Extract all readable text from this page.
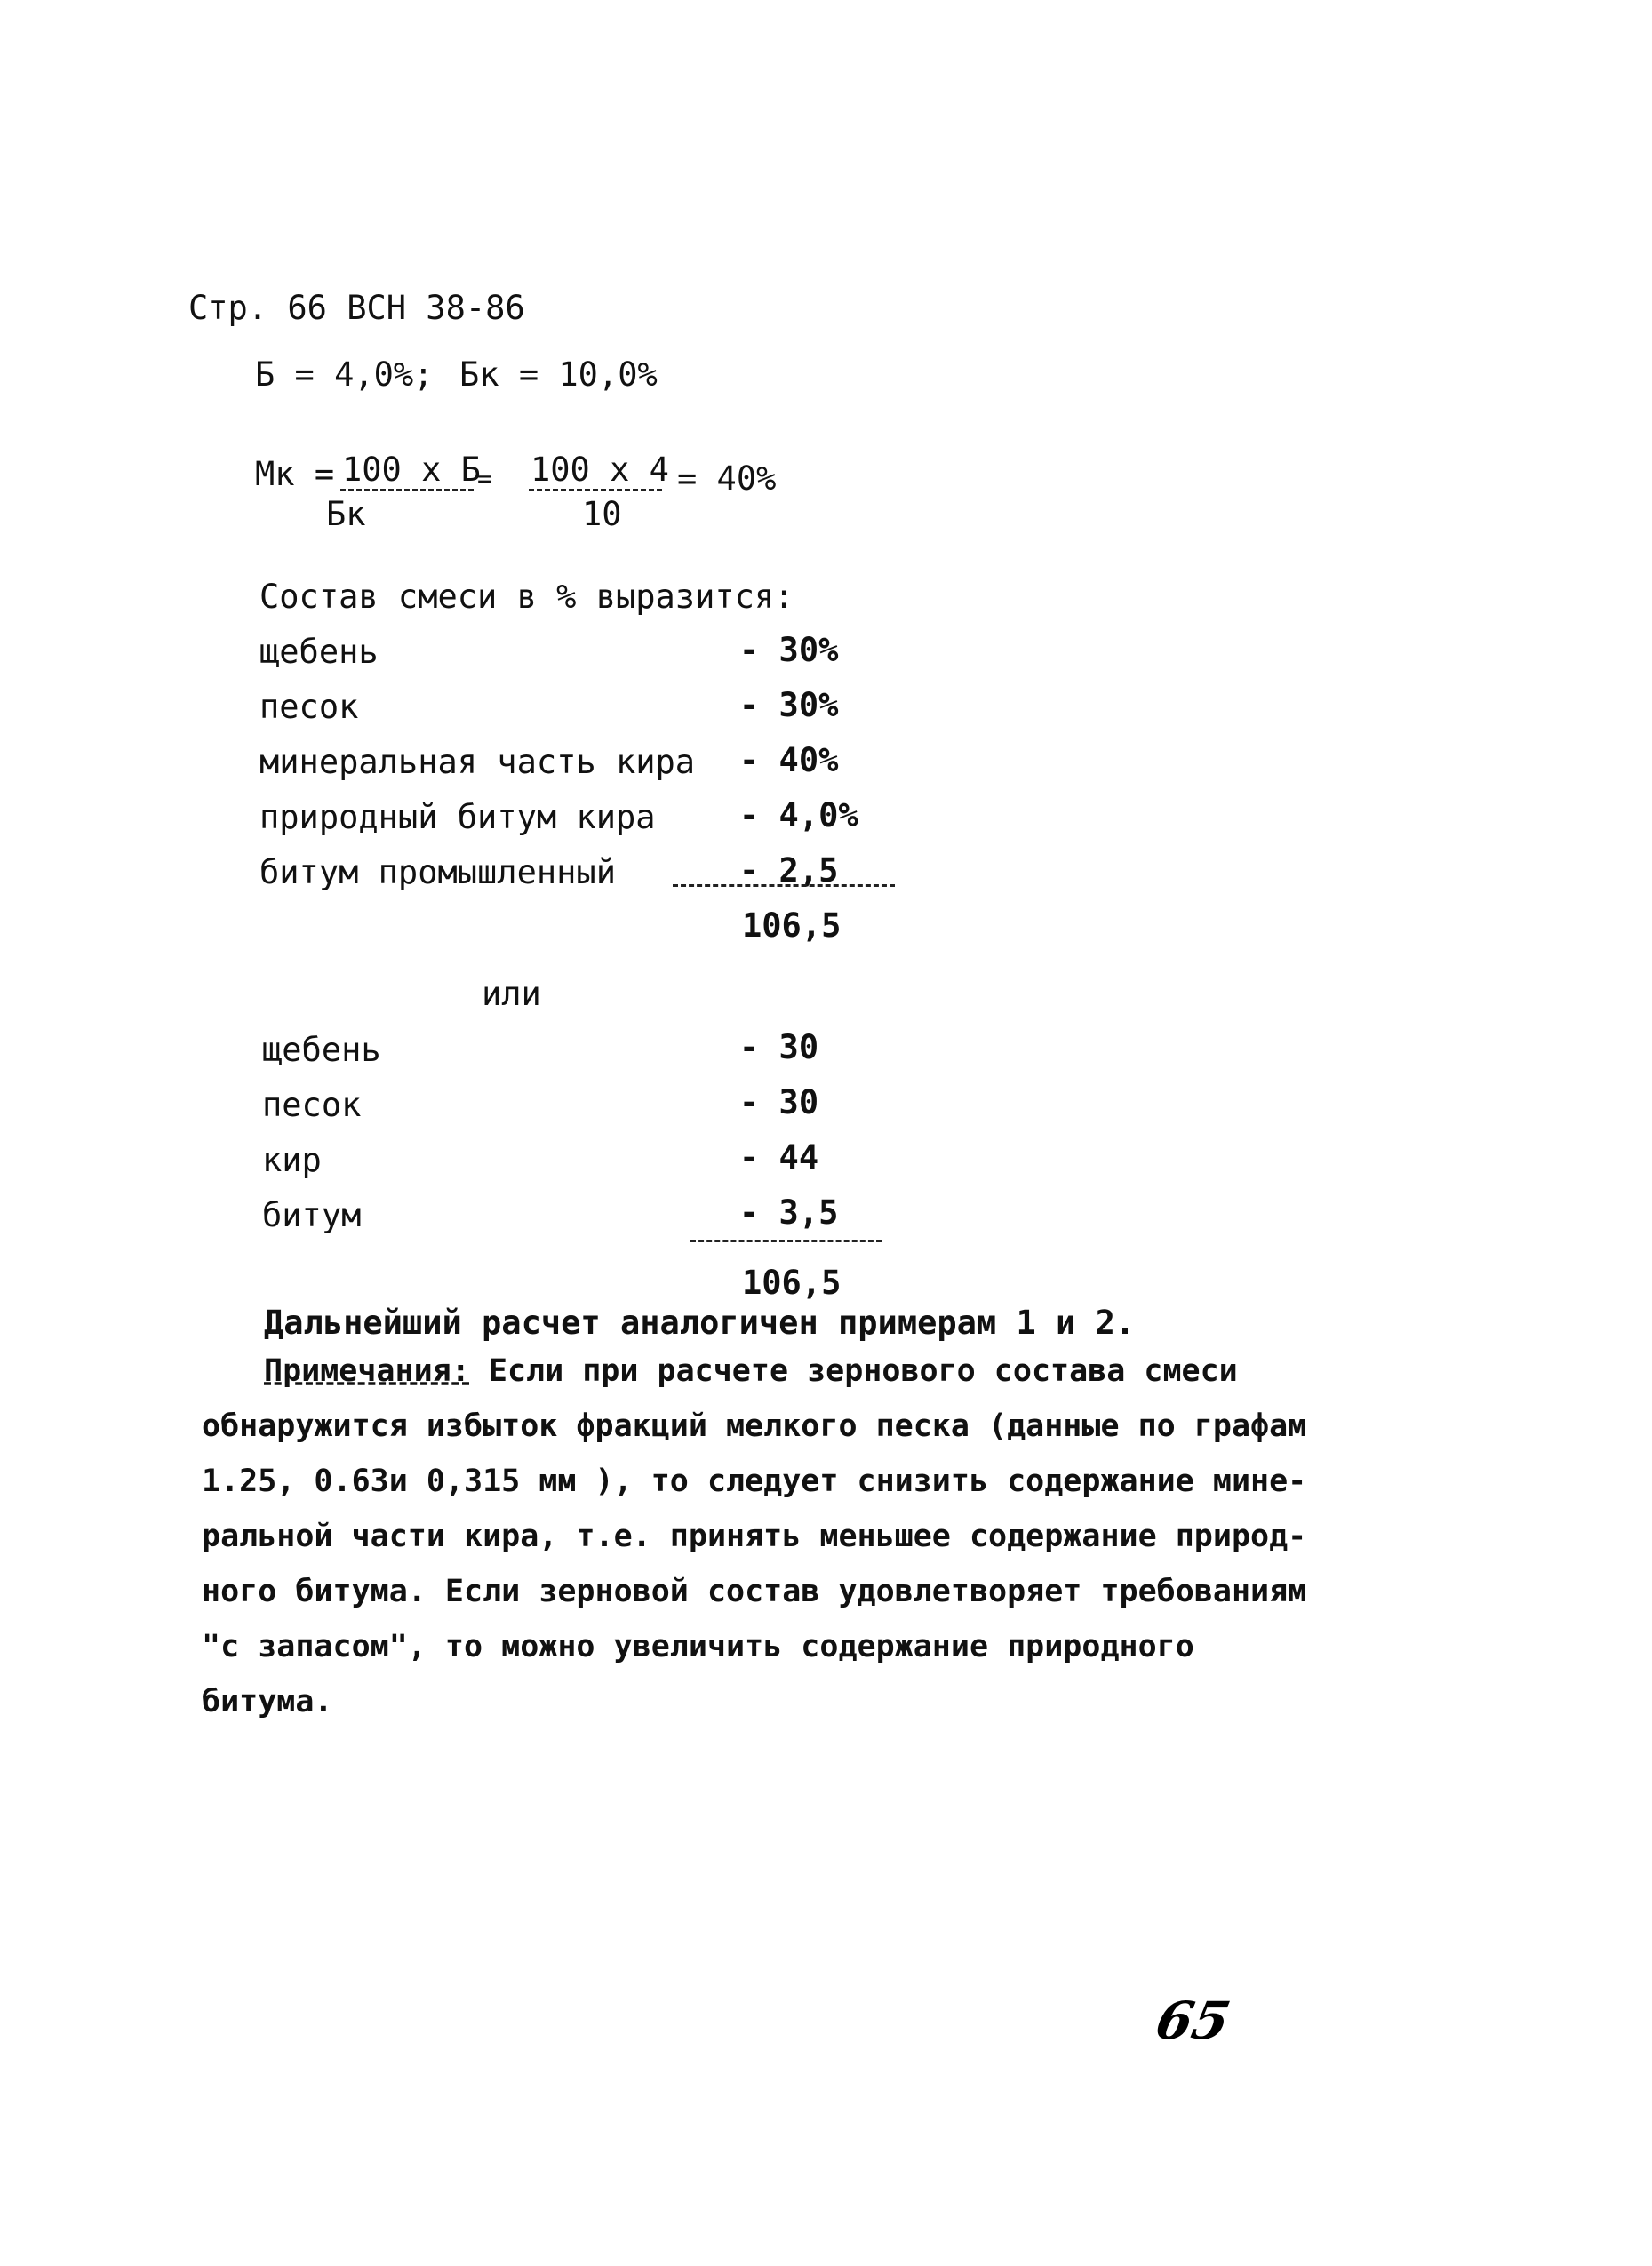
Стр. 66 ВСН 38-86
Б = 4,0%; Бк = 10,0%
Мк = 100 х Б
Бк
= 100 х 4
10
= 40%
Состав смеси в % выразится:
щебень	- 30%
песок	- 30%
минеральная часть кира - 40%
природный битум кира	- 4,0%
битум промышленный	- 2,5
106,5
или
щебень	- 30
песок	- 30
кир	- 44
битум	- 3,5
106,5
Дальнейший расчет аналогичен примерам 1 и 2.
Примечания: Если при расчете зернового состава смеси
обнаружится избыток фракций мелкого песка (данные по графам
1.25, 0.63и 0,315 мм ), то следует снизить содержание мине-
ральной части кира, т.е. принять меньшее содержание природ-
ного битума. Если зерновой состав удовлетворяет требованиям
"с запасом", то можно увеличить содержание природного
битума.
65
